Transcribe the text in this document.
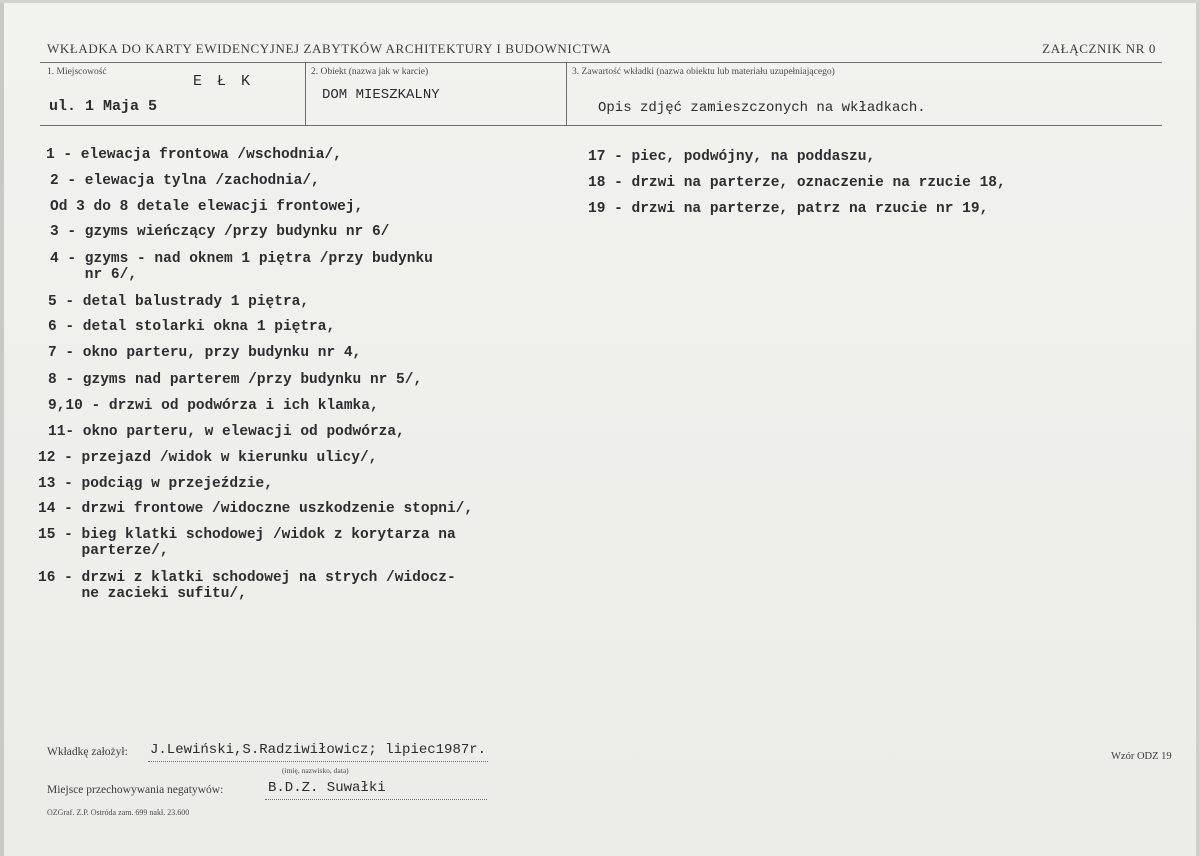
WKŁADKA DO KARTY EWIDENCYJNEJ ZABYTKÓW ARCHITEKTURY I BUDOWNICTWA	ZAŁĄCZNIK NR 0
1. Miejscowość
E Ł K
ul. 1 Maja 5
2. Obiekt (nazwa jak w karcie)
DOM MIESZKALNY
3. Zawartość wkładki (nazwa obiektu lub materiału uzupełniającego)
Opis zdjęć zamieszczonych na wkładkach.
1 - elewacja frontowa /wschodnia/,
2 - elewacja tylna /zachodnia/,
Od 3 do 8 detale elewacji frontowej,
3 - gzyms wieńczący /przy budynku nr 6/
4 - gzyms - nad oknem 1 piętra /przy budynku
nr 6/,
5 - detal balustrady 1 piętra,
6 - detal stolarki okna 1 piętra,
7 - okno parteru, przy budynku nr 4,
8 - gzyms nad parterem /przy budynku nr 5/,
9,10 - drzwi od podwórza i ich klamka,
11- okno parteru, w elewacji od podwórza,
12 - przejazd /widok w kierunku ulicy/,
13 - podciąg w przejeździe,
14 - drzwi frontowe /widoczne uszkodzenie stopni/,
15 - bieg klatki schodowej /widok z korytarza na
parterze/,
16 - drzwi z klatki schodowej na strych /widocz-
ne zacieki sufitu/,
17 - piec, podwójny, na poddaszu,
18 - drzwi na parterze, oznaczenie na rzucie 18,
19 - drzwi na parterze, patrz na rzucie nr 19,
Wkładkę założył: J.Lewiński,S.Radziwiłowicz; lipiec1987r.
(imię, nazwisko, data)
Miejsce przechowywania negatywów:	B.D.Z. Suwałki
OZGraf. Z.P. Ostróda zam. 699 nakł. 23.600
Wzór ODZ 19
